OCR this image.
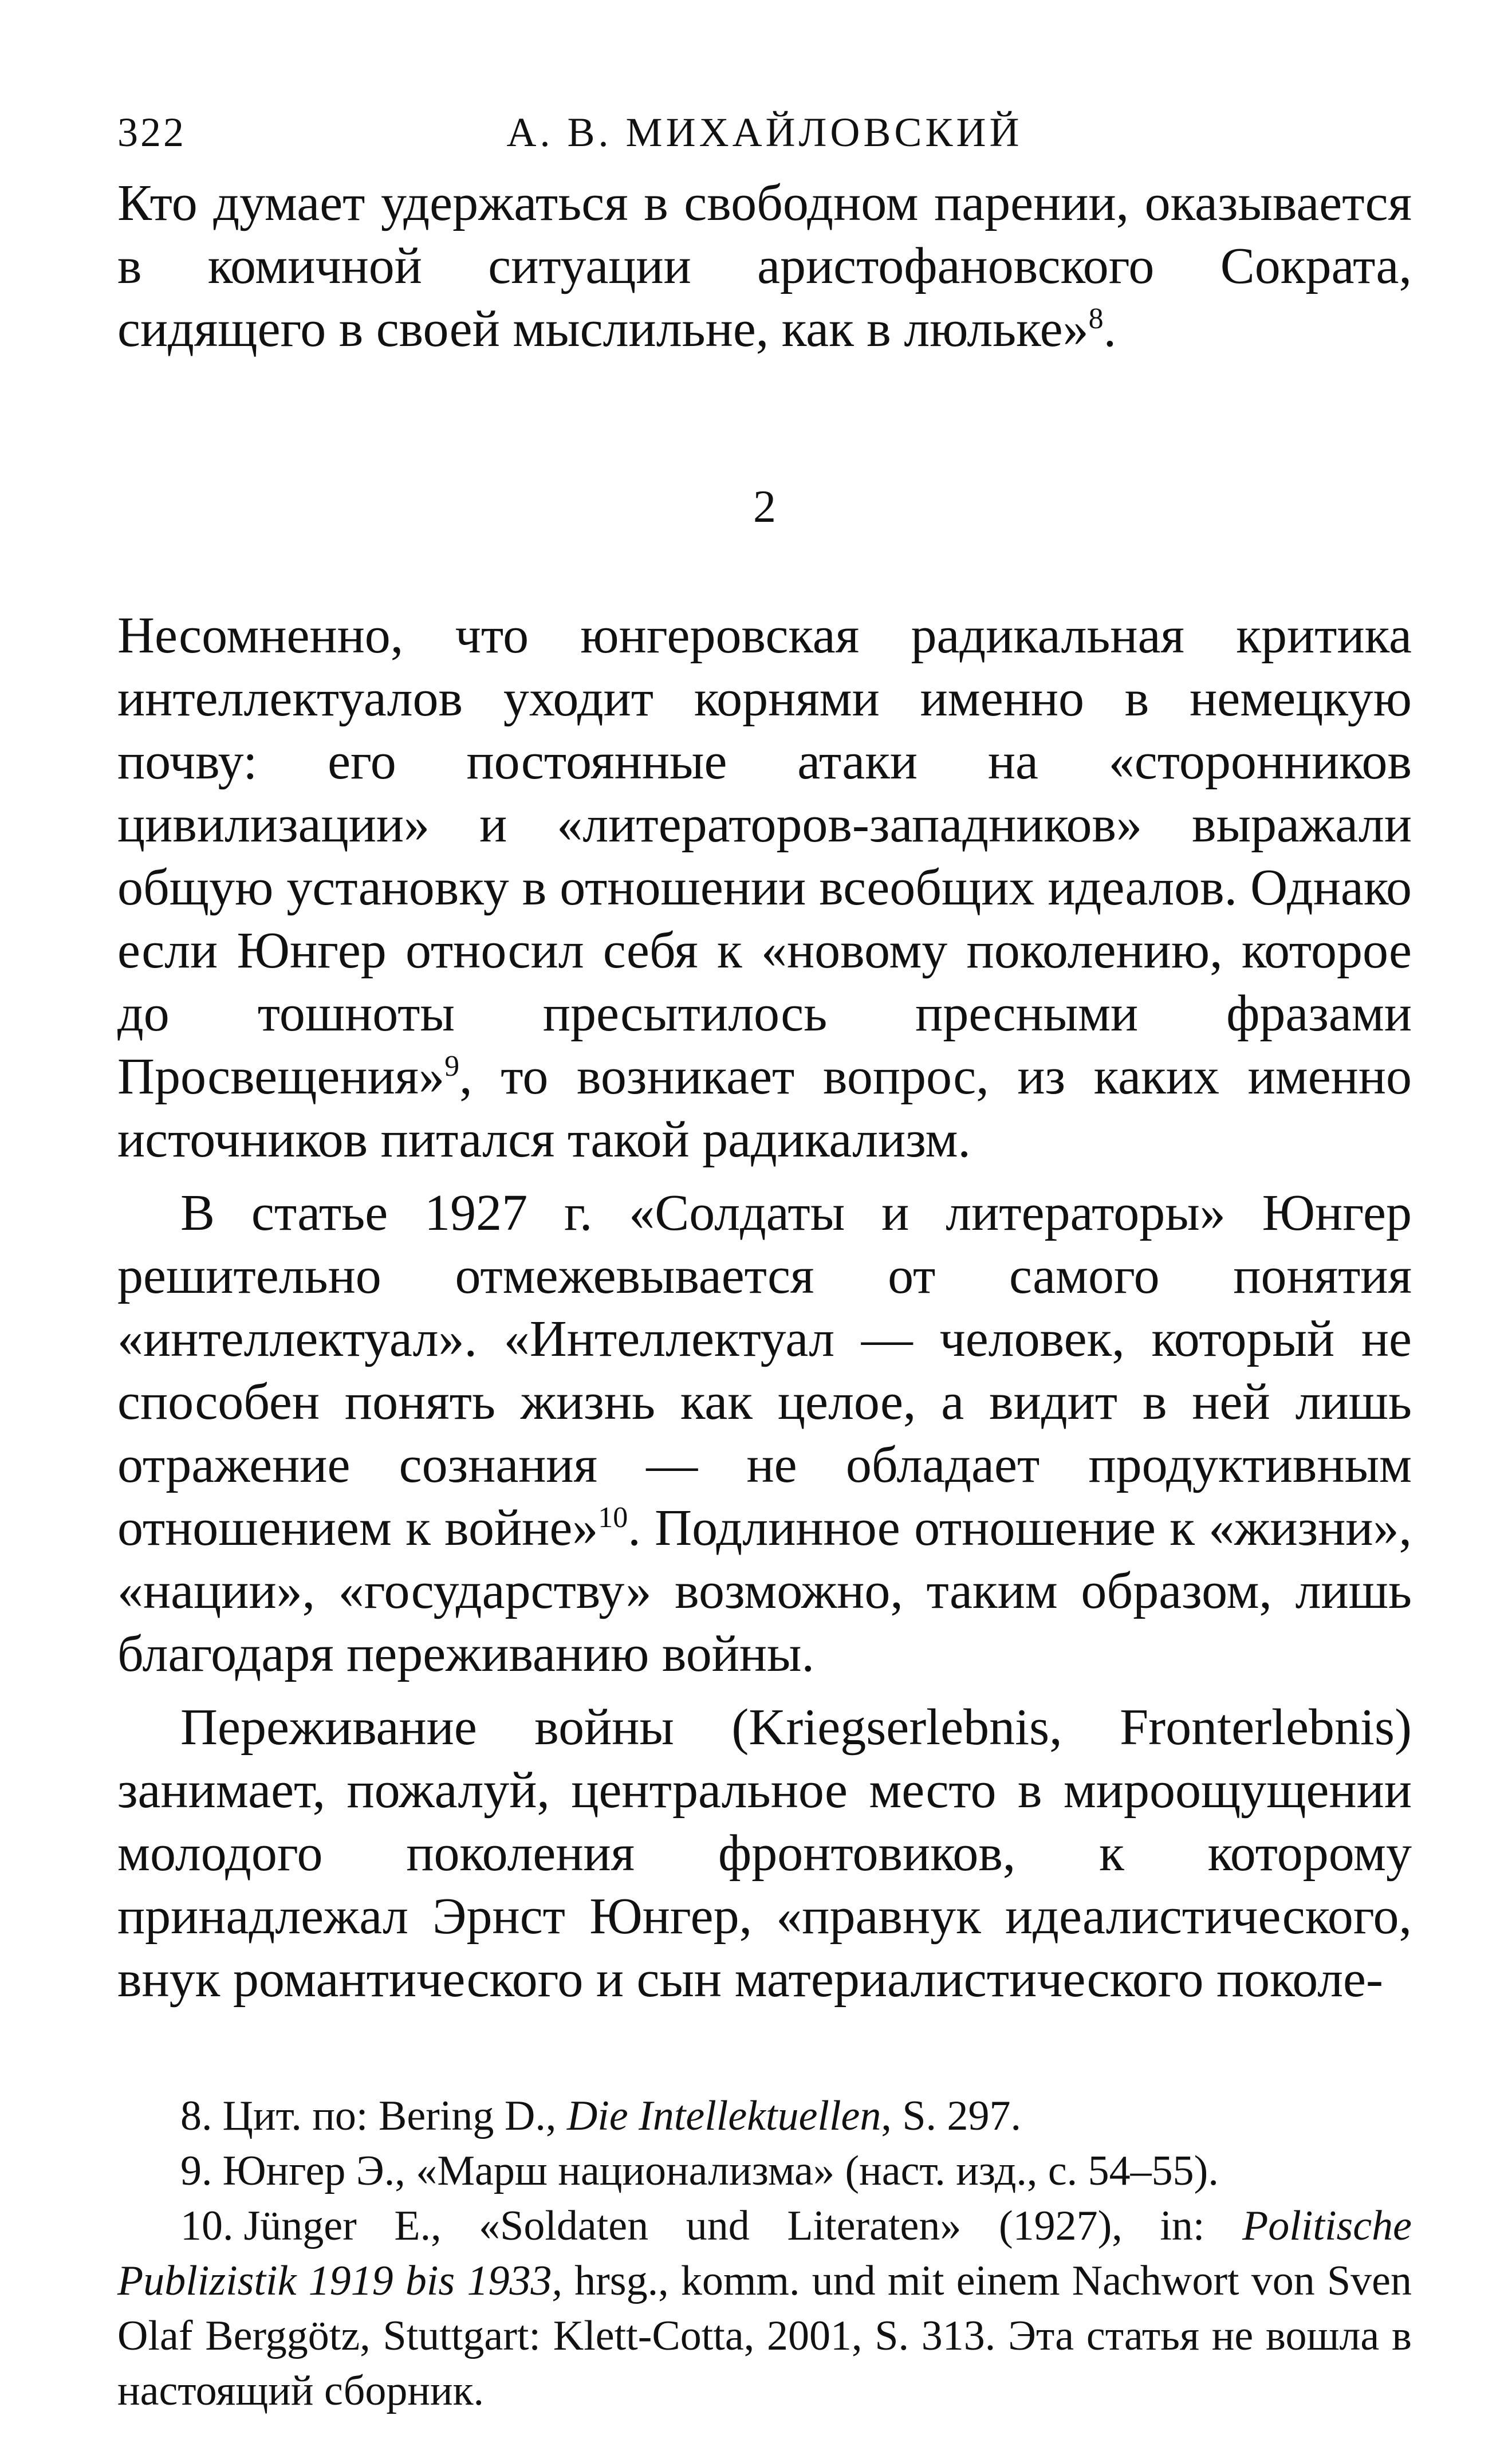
322	А. В. МИХАЙЛОВСКИЙ

Кто думает удержаться в свободном парении, оказывается в комичной ситуации аристофановского Сократа, сидящего в своей мыслильне, как в люльке»$^8$.

2

Несомненно, что юнгеровская радикальная критика интеллектуалов уходит корнями именно в немецкую почву: его постоянные атаки на «сторонников цивилизации» и «литераторов-западников» выражали общую установку в отношении всеобщих идеалов. Однако если Юнгер относил себя к «новому поколению, которое до тошноты пресытилось пресными фразами Просвещения»$^9$, то возникает вопрос, из каких именно источников питался такой радикализм.

В статье 1927 г. «Солдаты и литераторы» Юнгер решительно отмежевывается от самого понятия «интеллектуал». «Интеллектуал — человек, который не способен понять жизнь как целое, а видит в ней лишь отражение сознания — не обладает продуктивным отношением к войне»$^{10}$. Подлинное отношение к «жизни», «нации», «государству» возможно, таким образом, лишь благодаря переживанию войны.

Переживание войны (Kriegserlebnis, Fronterlebnis) занимает, пожалуй, центральное место в мироощущении молодого поколения фронтовиков, к которому принадлежал Эрнст Юнгер, «правнук идеалистического, внук романтического и сын материалистического поколе-

8. Цит. по: Bering D., Die Intellektuellen, S. 297.

9. Юнгер Э., «Марш национализма» (наст. изд., с. 54–55).

10. Jünger E., «Soldaten und Literaten» (1927), in: Politische Publizistik 1919 bis 1933, hrsg., komm. und mit einem Nachwort von Sven Olaf Berggötz, Stuttgart: Klett-Cotta, 2001, S. 313. Эта статья не вошла в настоящий сборник.
